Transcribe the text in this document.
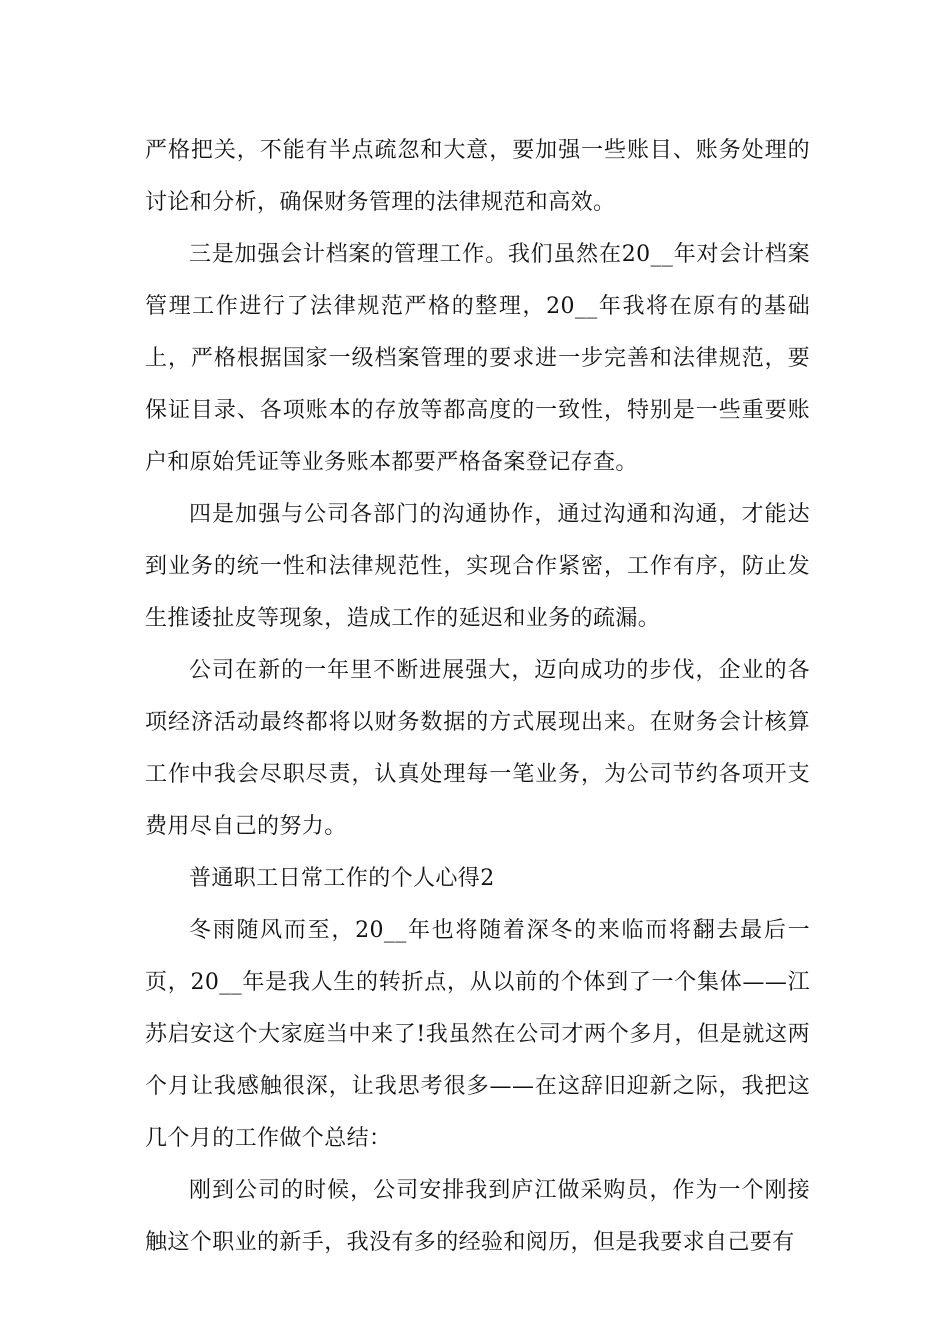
严格把关，不能有半点疏忽和大意，要加强一些账目、账务处理的讨论和分析，确保财务管理的法律规范和高效。

三是加强会计档案的管理工作。我们虽然在20__年对会计档案管理工作进行了法律规范严格的整理，20__年我将在原有的基础上，严格根据国家一级档案管理的要求进一步完善和法律规范，要保证目录、各项账本的存放等都高度的一致性，特别是一些重要账户和原始凭证等业务账本都要严格备案登记存查。

四是加强与公司各部门的沟通协作，通过沟通和沟通，才能达到业务的统一性和法律规范性，实现合作紧密，工作有序，防止发生推诿扯皮等现象，造成工作的延迟和业务的疏漏。

公司在新的一年里不断进展强大，迈向成功的步伐，企业的各项经济活动最终都将以财务数据的方式展现出来。在财务会计核算工作中我会尽职尽责，认真处理每一笔业务，为公司节约各项开支费用尽自己的努力。

普通职工日常工作的个人心得2

冬雨随风而至，20__年也将随着深冬的来临而将翻去最后一页，20__年是我人生的转折点，从以前的个体到了一个集体——江苏启安这个大家庭当中来了!我虽然在公司才两个多月，但是就这两个月让我感触很深，让我思考很多——在这辞旧迎新之际，我把这几个月的工作做个总结：

刚到公司的时候，公司安排我到庐江做采购员，作为一个刚接触这个职业的新手，我没有多的经验和阅历，但是我要求自己要有
